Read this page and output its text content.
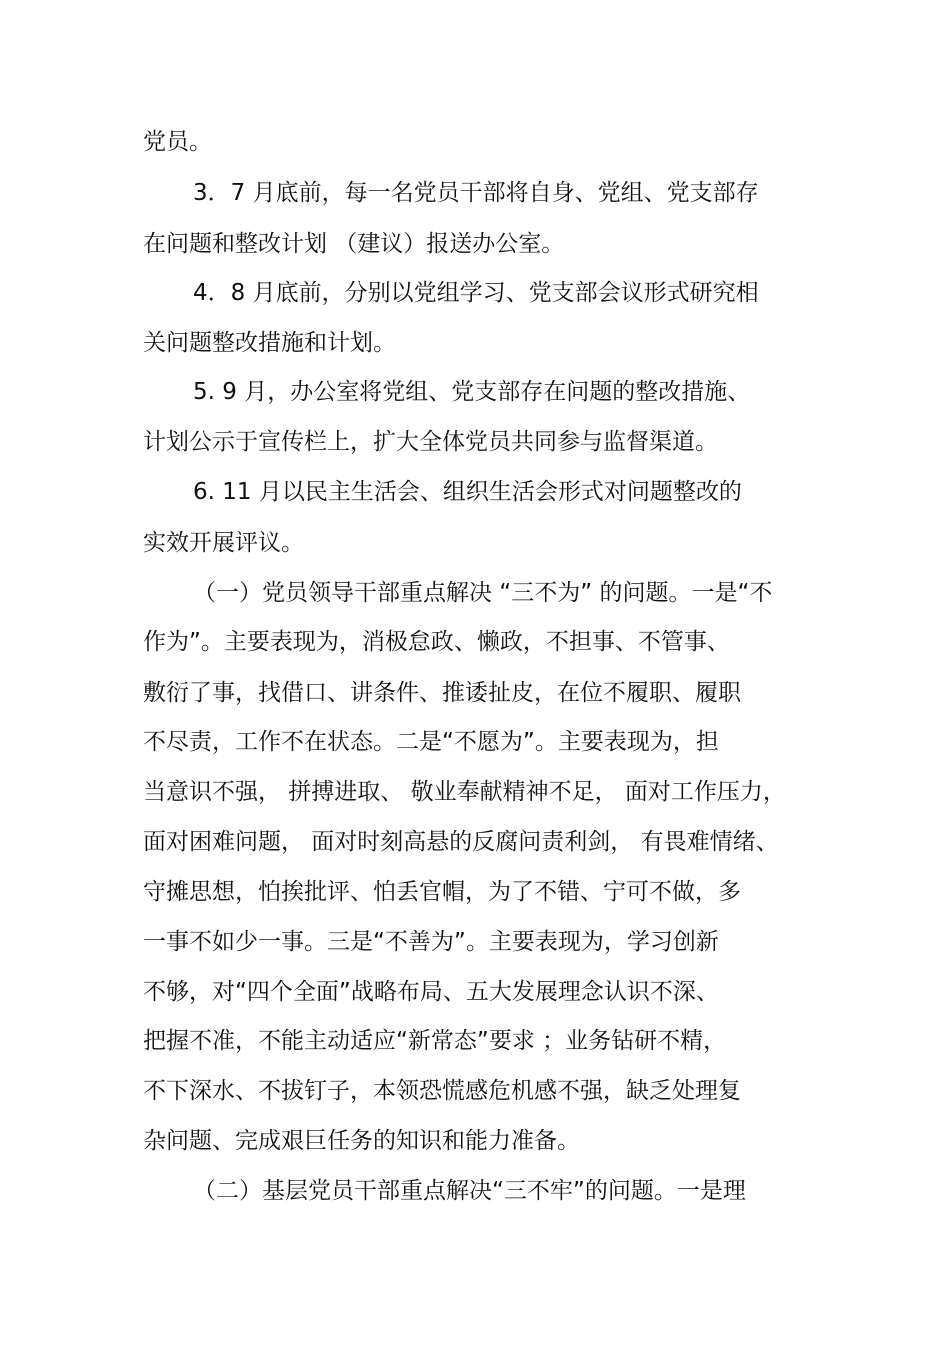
党员。
3．7 月底前，每一名党员干部将自身、党组、党支部存
在问题和整改计划 （建议）报送办公室。
4．8 月底前，分别以党组学习、党支部会议形式研究相
关问题整改措施和计划。
5. 9 月，办公室将党组、党支部存在问题的整改措施、
计划公示于宣传栏上，扩大全体党员共同参与监督渠道。
6. 11 月以民主生活会、组织生活会形式对问题整改的
实效开展评议。
（一）党员领导干部重点解决 “三不为” 的问题。一是“不
作为”。主要表现为，消极怠政、懒政，不担事、不管事、
敷衍了事，找借口、讲条件、推诿扯皮，在位不履职、履职
不尽责，工作不在状态。二是“不愿为”。主要表现为，担
当意识不强， 拼搏进取、 敬业奉献精神不足， 面对工作压力，
面对困难问题， 面对时刻高悬的反腐问责利剑， 有畏难情绪、
守摊思想，怕挨批评、怕丢官帽，为了不错、宁可不做，多
一事不如少一事。三是“不善为”。主要表现为，学习创新
不够，对“四个全面”战略布局、五大发展理念认识不深、
把握不准，不能主动适应“新常态”要求 ；业务钻研不精，
不下深水、不拔钉子，本领恐慌感危机感不强，缺乏处理复
杂问题、完成艰巨任务的知识和能力准备。
（二）基层党员干部重点解决“三不牢”的问题。一是理
